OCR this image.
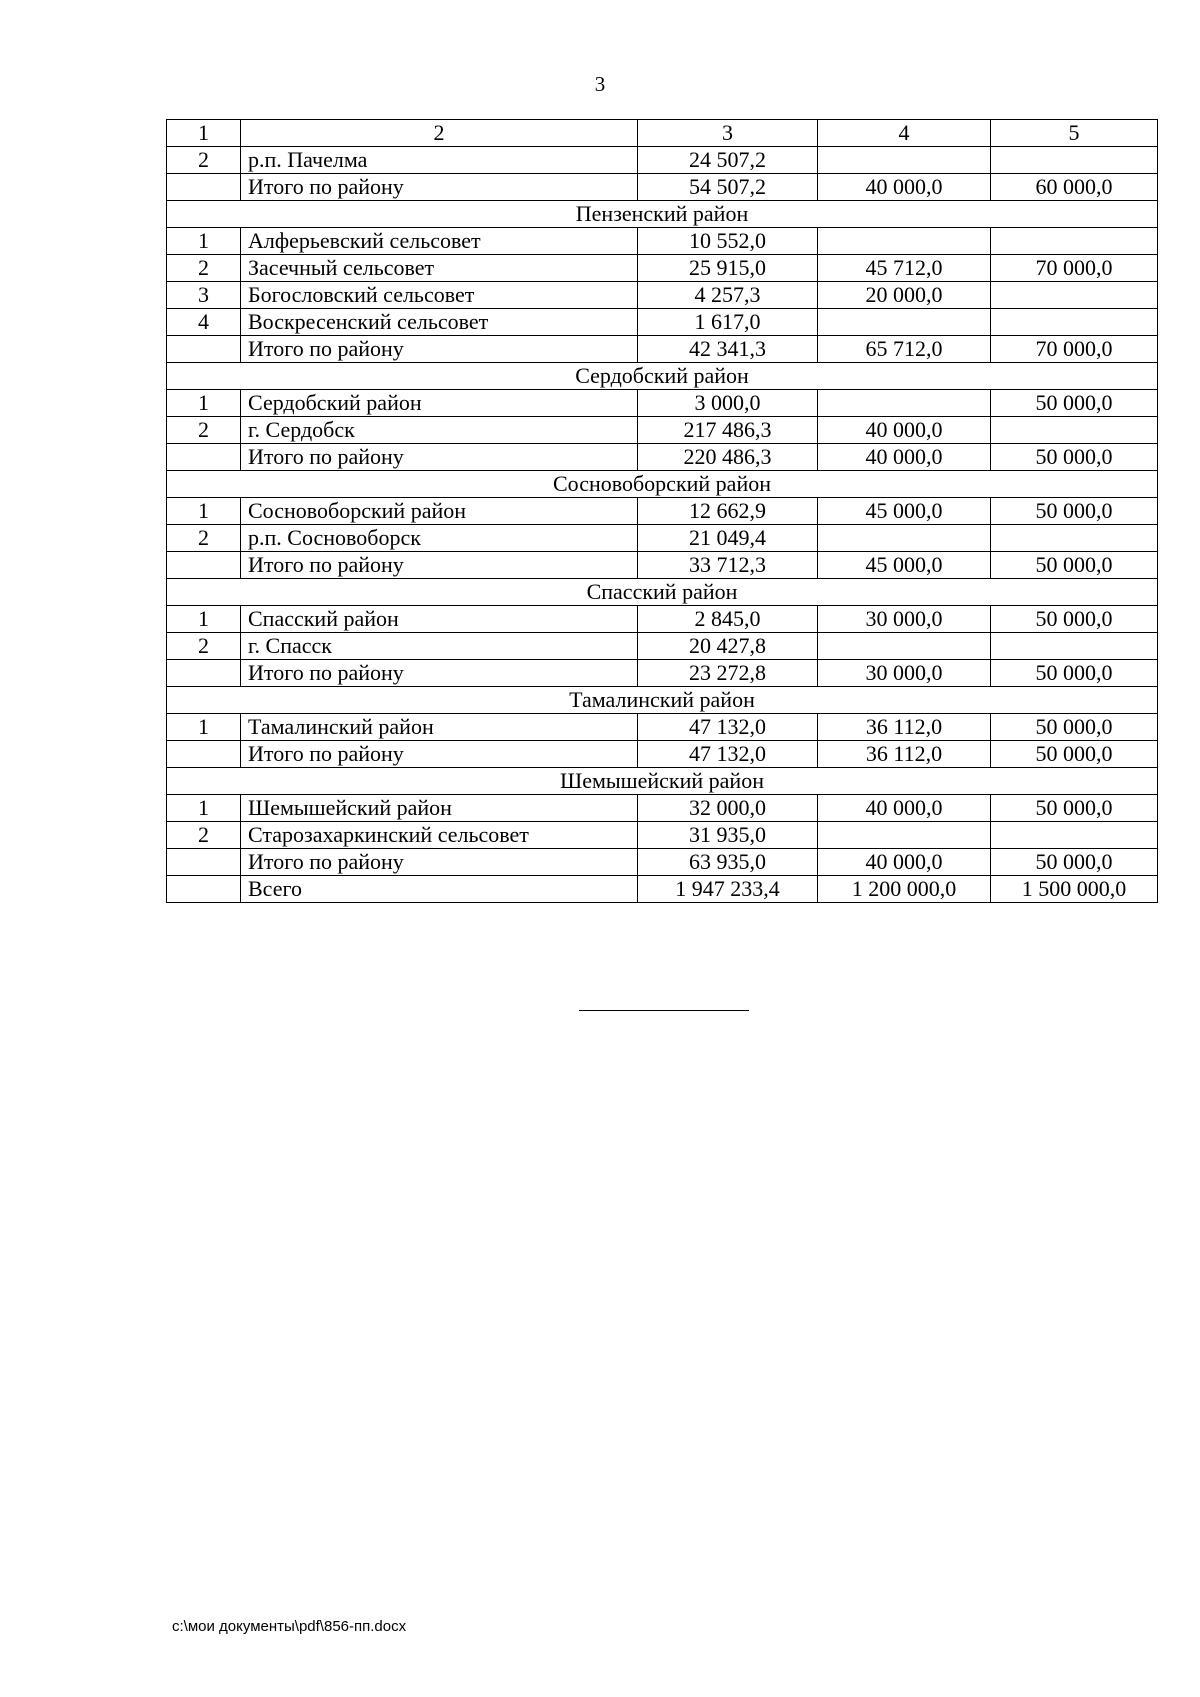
3
1	2	3	4	5
2	р.п. Пачелма	24 507,2		
	Итого по району	54 507,2	40 000,0	60 000,0
Пензенский район				
1	Алферьевский сельсовет	10 552,0		
2	Засечный сельсовет	25 915,0	45 712,0	70 000,0
3	Богословский сельсовет	4 257,3	20 000,0	
4	Воскресенский сельсовет	1 617,0		
	Итого по району	42 341,3	65 712,0	70 000,0
Сердобский район				
1	Сердобский район	3 000,0		50 000,0
2	г. Сердобск	217 486,3	40 000,0	
	Итого по району	220 486,3	40 000,0	50 000,0
Сосновоборский район				
1	Сосновоборский район	12 662,9	45 000,0	50 000,0
2	р.п. Сосновоборск	21 049,4		
	Итого по району	33 712,3	45 000,0	50 000,0
Спасский район				
1	Спасский район	2 845,0	30 000,0	50 000,0
2	г. Спасск	20 427,8		
	Итого по району	23 272,8	30 000,0	50 000,0
Тамалинский район				
1	Тамалинский район	47 132,0	36 112,0	50 000,0
	Итого по району	47 132,0	36 112,0	50 000,0
Шемышейский район				
1	Шемышейский район	32 000,0	40 000,0	50 000,0
2	Старозахаркинский сельсовет	31 935,0		
	Итого по району	63 935,0	40 000,0	50 000,0
	Всего	1 947 233,4	1 200 000,0	1 500 000,0
c:\мои документы\pdf\856-пп.docx
